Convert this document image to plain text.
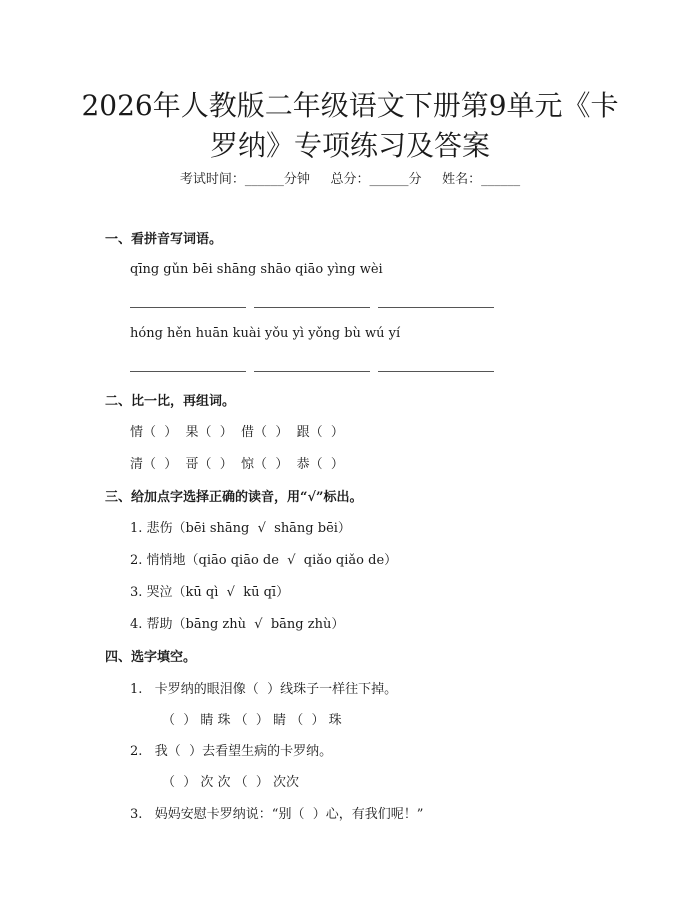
2026年人教版二年级语文下册第9单元《卡
罗纳》专项练习及答案
考试时间：______分钟     总分：______分     姓名：______

一、看拼音写词语。

qīng gǔn bēi shāng shāo qiāo yìng wèi

hóng hěn huān kuài yǒu yì yǒng bù wú yí

二、比一比，再组词。

情（  ）  果（  ）  借（  ）  跟（  ）

清（  ）  哥（  ）  惊（  ）  恭（  ）

三、给加点字选择正确的读音，用“√”标出。

1. 悲伤（bēi shāng  √  shāng bēi）

2. 悄悄地（qiāo qiāo de  √  qiǎo qiǎo de）

3. 哭泣（kū qì  √  kū qī）

4. 帮助（bāng zhù  √  bāng zhù）

四、选字填空。

1.   卡罗纳的眼泪像（  ）线珠子一样往下掉。

（  ） 睛 珠 （  ） 睛 （  ） 珠

2.   我（  ）去看望生病的卡罗纳。

（  ） 次 次 （  ） 次次

3.   妈妈安慰卡罗纳说：“别（  ）心，有我们呢！”
